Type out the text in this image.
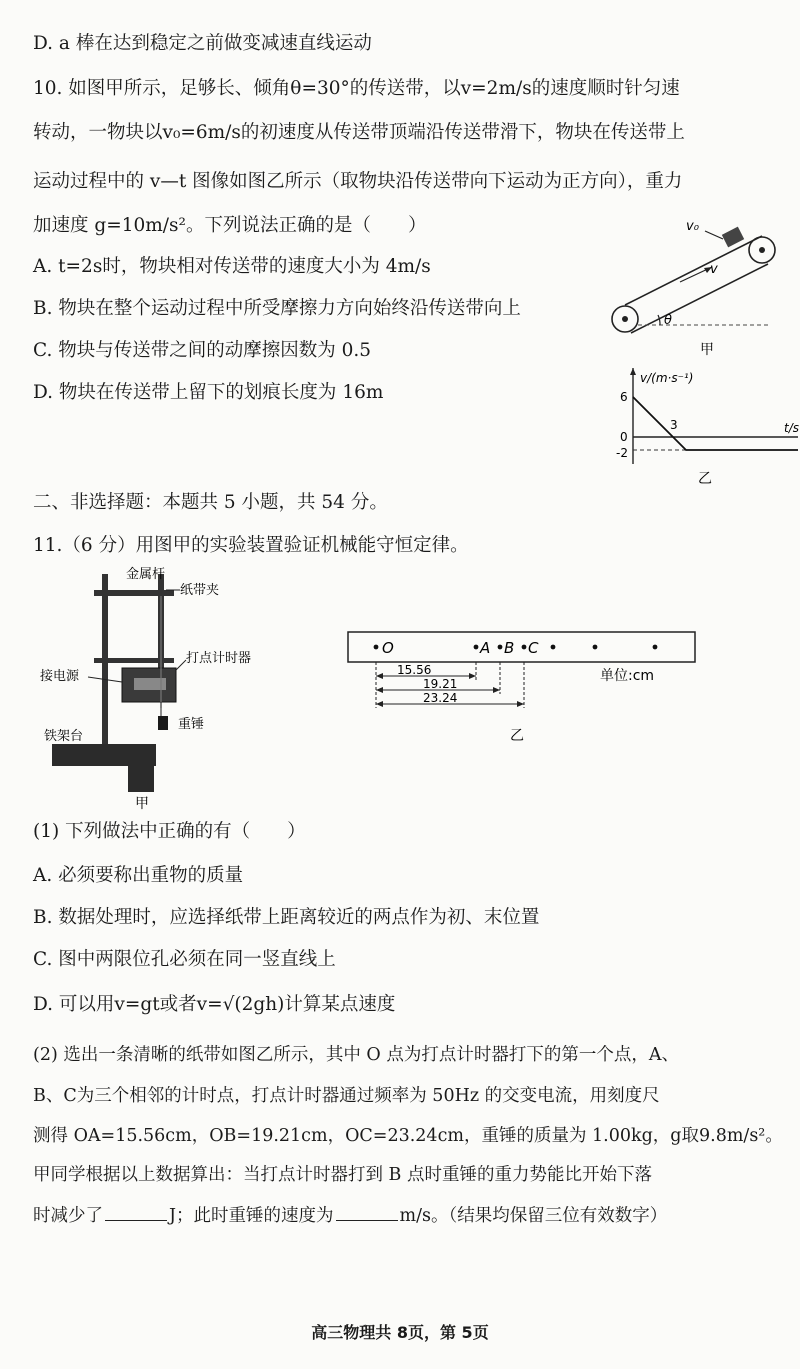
D. a 棒在达到稳定之前做变减速直线运动
10. 如图甲所示，足够长、倾角θ=30°的传送带，以v=2m/s的速度顺时针匀速
转动，一物块以v₀=6m/s的初速度从传送带顶端沿传送带滑下，物块在传送带上
运动过程中的 v—t 图像如图乙所示（取物块沿传送带向下运动为正方向），重力
加速度 g=10m/s²。下列说法正确的是（　　）
A. t=2s时，物块相对传送带的速度大小为 4m/s
B. 物块在整个运动过程中所受摩擦力方向始终沿传送带向上
C. 物块与传送带之间的动摩擦因数为 0.5
D. 物块在传送带上留下的划痕长度为 16m
θ
v₀
v
甲
v/(m·s⁻¹)
t/s
6
0
-2
3
乙
二、非选择题：本题共 5 小题，共 54 分。
11.（6 分）用图甲的实验装置验证机械能守恒定律。
金属杆
纸带夹
打点计时器
接电源
铁架台
重锤
甲
O	A B C
15.56
19.21
23.24
单位:cm
乙
(1) 下列做法中正确的有（　　）
A. 必须要称出重物的质量
B. 数据处理时，应选择纸带上距离较近的两点作为初、末位置
C. 图中两限位孔必须在同一竖直线上
D. 可以用v=gt或者v=√(2gh)计算某点速度
(2) 选出一条清晰的纸带如图乙所示，其中 O 点为打点计时器打下的第一个点，A、
B、C为三个相邻的计时点，打点计时器通过频率为 50Hz 的交变电流，用刻度尺
测得 OA=15.56cm，OB=19.21cm，OC=23.24cm，重锤的质量为 1.00kg，g取9.8m/s²。
甲同学根据以上数据算出：当打点计时器打到 B 点时重锤的重力势能比开始下落
时减少了	J；此时重锤的速度为	m/s。（结果均保留三位有效数字）
高三物理共 8页，第 5页
